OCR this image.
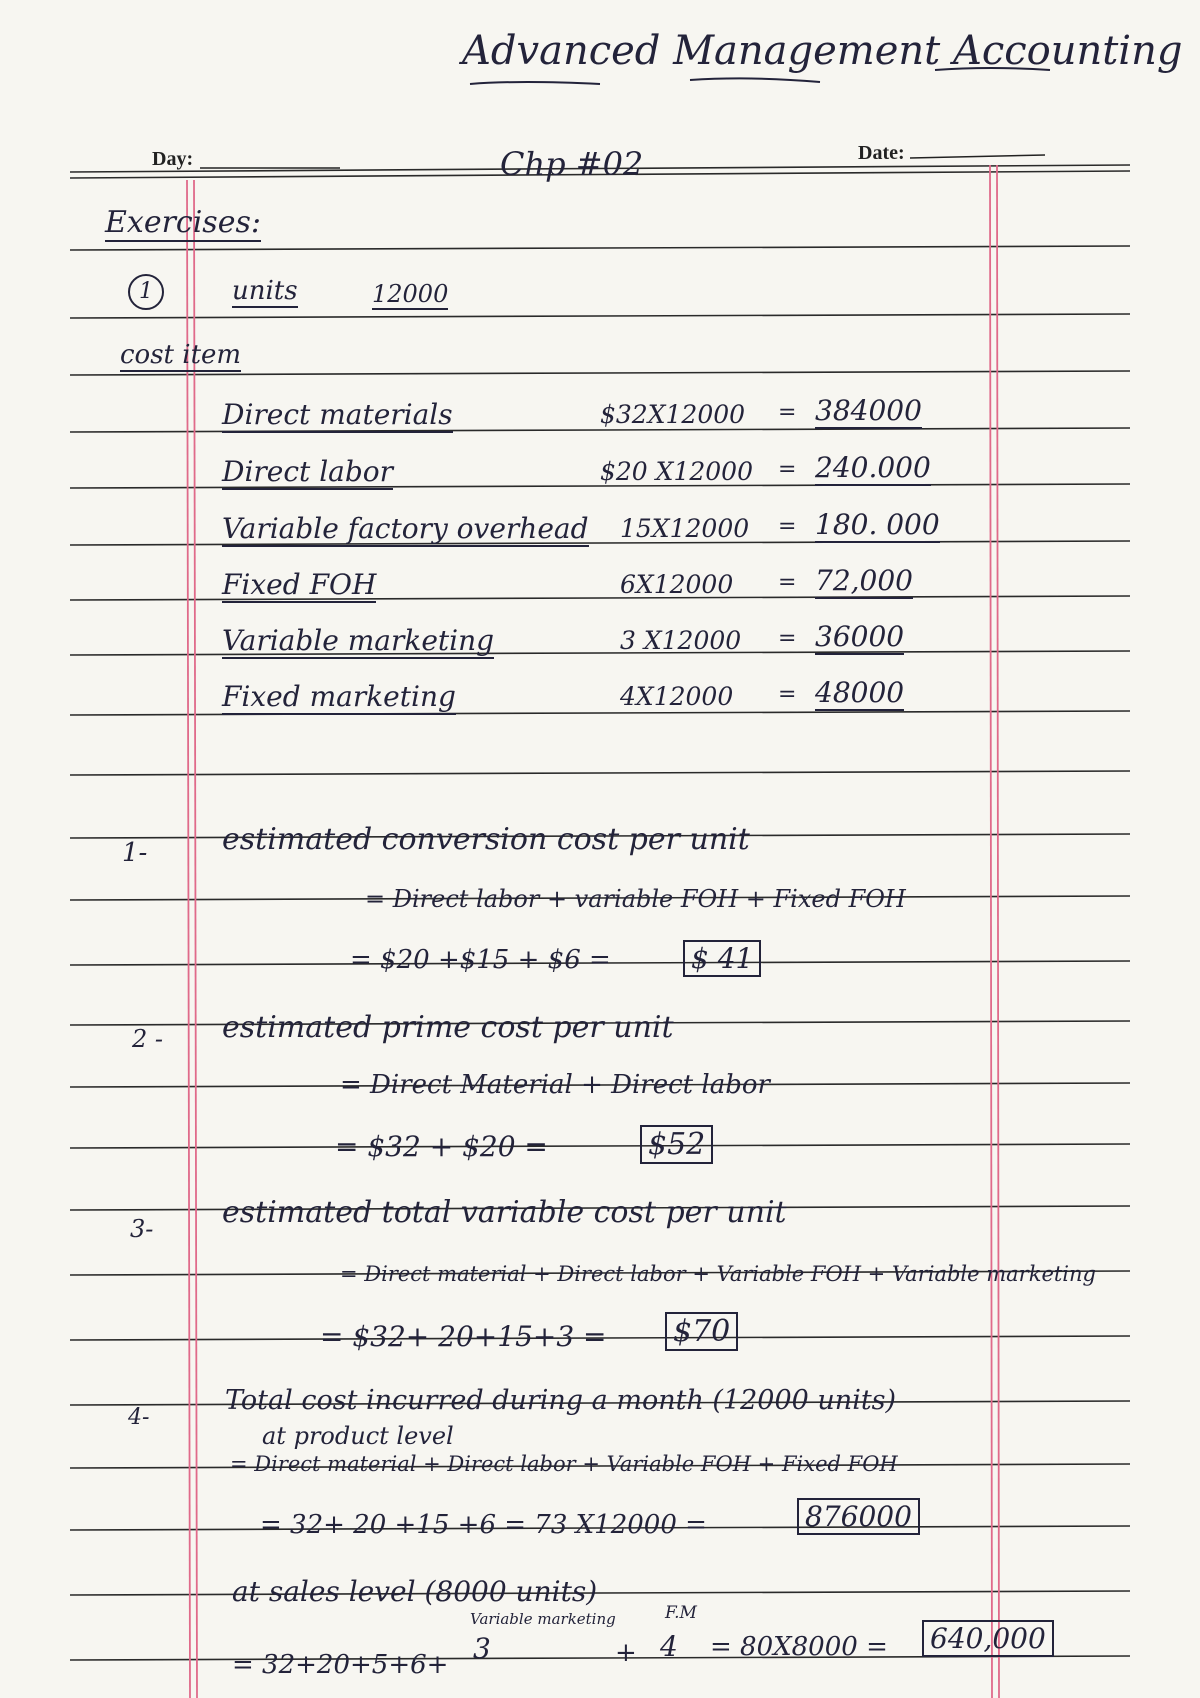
Advanced Management Accounting
Day:	Date:
Chp #02
Exercises:
1	units	12000
cost item
Direct materials	$32X12000 = 384000
Direct labor	$20 X12000 = 240.000
Variable factory overhead 15X12000 = 180. 000
Fixed FOH	6X12000 = 72,000
Variable marketing	3 X12000 = 36000
Fixed marketing	4X12000 = 48000
1- estimated conversion cost per unit
= Direct labor + variable FOH + Fixed FOH
= $20 +$15 + $6 =	$ 41
2 - estimated prime cost per unit
= Direct Material + Direct labor
= $32 + $20 =	$52
3- estimated total variable cost per unit
= Direct material + Direct labor + Variable FOH + Variable marketing
= $32+ 20+15+3 = $70
4-
Total cost incurred during a month (12000 units)
at product level
= Direct material + Direct labor + Variable FOH + Fixed FOH
= 32+ 20 +15 +6 = 73 X12000 =	876000
at sales level (8000 units)
Variable marketing	F.M
= 32+20+5+6+ 3	+ 4 = 80X8000 = 640,000
